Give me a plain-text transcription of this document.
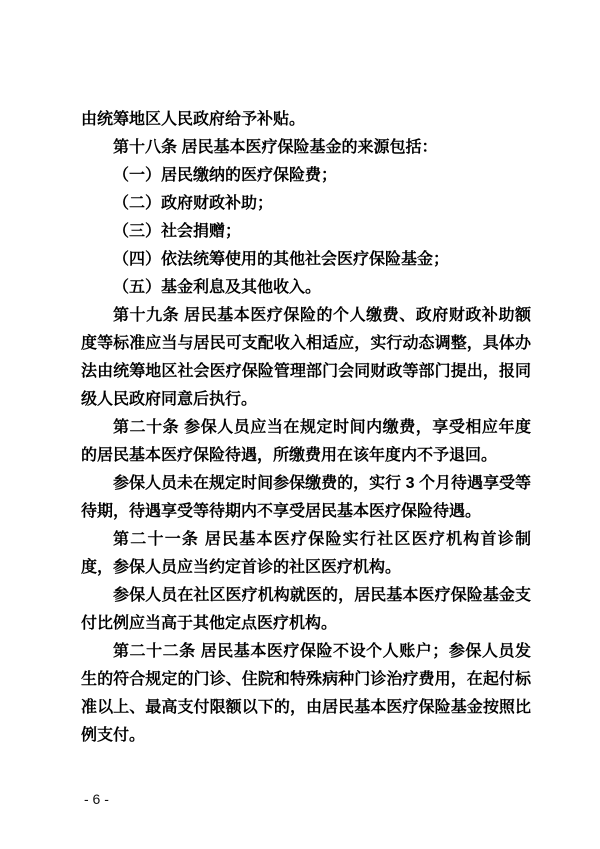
由统筹地区人民政府给予补贴。

第十八条 居民基本医疗保险基金的来源包括：

（一）居民缴纳的医疗保险费；

（二）政府财政补助；

（三）社会捐赠；

（四）依法统筹使用的其他社会医疗保险基金；

（五）基金利息及其他收入。

第十九条 居民基本医疗保险的个人缴费、政府财政补助额度等标准应当与居民可支配收入相适应，实行动态调整，具体办法由统筹地区社会医疗保险管理部门会同财政等部门提出，报同级人民政府同意后执行。

第二十条 参保人员应当在规定时间内缴费，享受相应年度的居民基本医疗保险待遇，所缴费用在该年度内不予退回。

参保人员未在规定时间参保缴费的，实行 3 个月待遇享受等待期，待遇享受等待期内不享受居民基本医疗保险待遇。

第二十一条 居民基本医疗保险实行社区医疗机构首诊制度，参保人员应当约定首诊的社区医疗机构。

参保人员在社区医疗机构就医的，居民基本医疗保险基金支付比例应当高于其他定点医疗机构。

第二十二条 居民基本医疗保险不设个人账户；参保人员发生的符合规定的门诊、住院和特殊病种门诊治疗费用，在起付标准以上、最高支付限额以下的，由居民基本医疗保险基金按照比例支付。

- 6 -
